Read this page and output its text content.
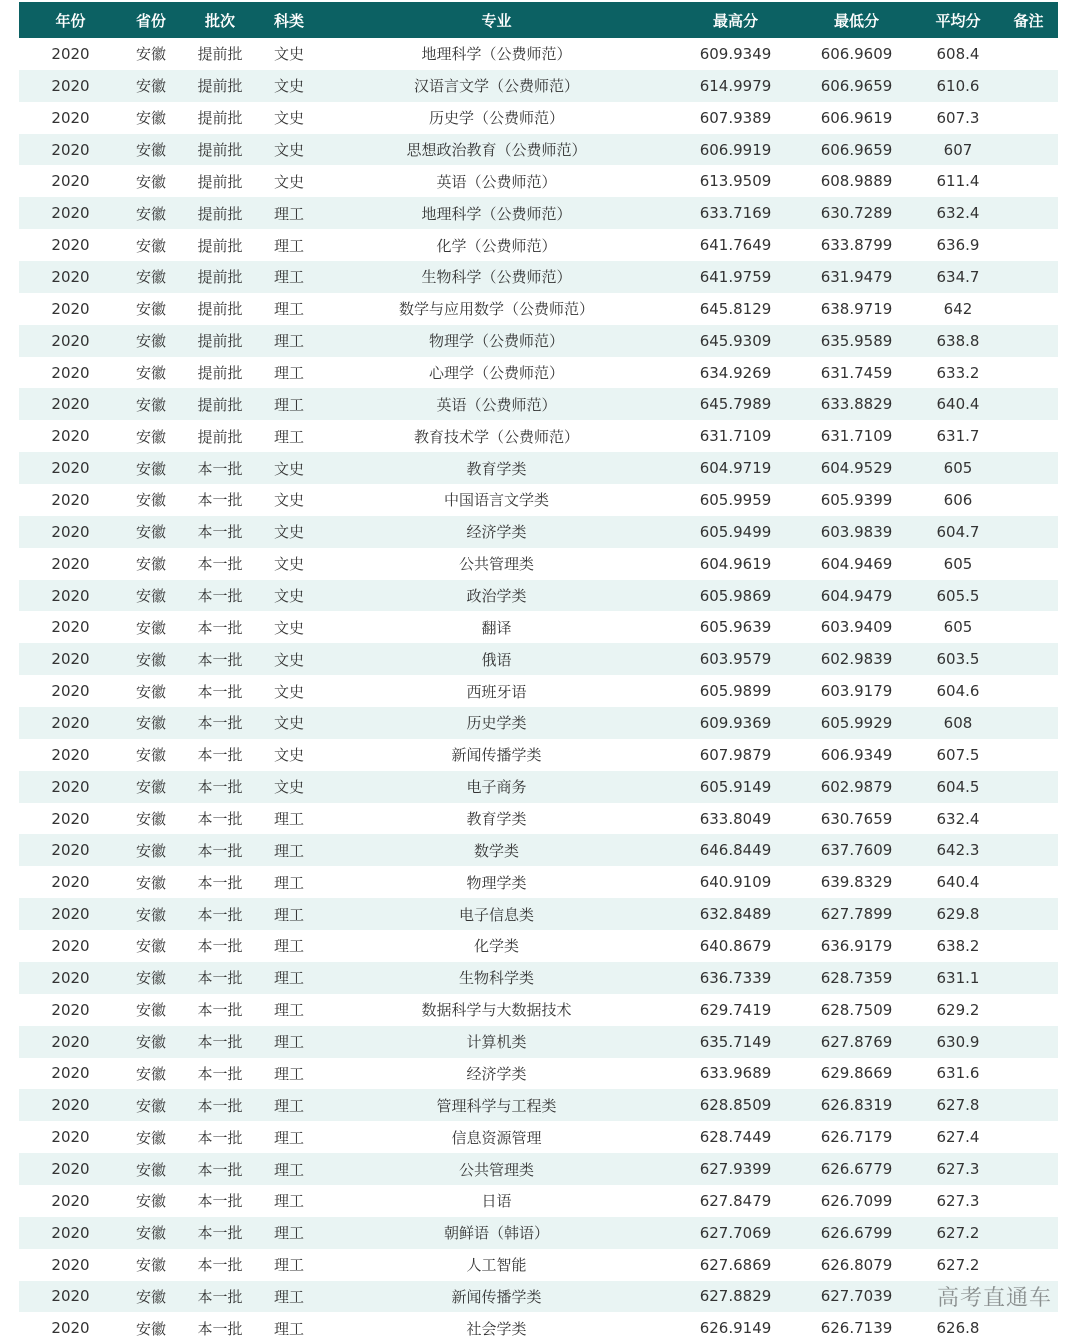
年份	省份	批次	科类	专业	最高分	最低分	平均分	备注
2020	安徽	提前批	文史	地理科学（公费师范）	609.9349	606.9609	608.4	
2020	安徽	提前批	文史	汉语言文学（公费师范）	614.9979	606.9659	610.6	
2020	安徽	提前批	文史	历史学（公费师范）	607.9389	606.9619	607.3	
2020	安徽	提前批	文史	思想政治教育（公费师范）	606.9919	606.9659	607	
2020	安徽	提前批	文史	英语（公费师范）	613.9509	608.9889	611.4	
2020	安徽	提前批	理工	地理科学（公费师范）	633.7169	630.7289	632.4	
2020	安徽	提前批	理工	化学（公费师范）	641.7649	633.8799	636.9	
2020	安徽	提前批	理工	生物科学（公费师范）	641.9759	631.9479	634.7	
2020	安徽	提前批	理工	数学与应用数学（公费师范）	645.8129	638.9719	642	
2020	安徽	提前批	理工	物理学（公费师范）	645.9309	635.9589	638.8	
2020	安徽	提前批	理工	心理学（公费师范）	634.9269	631.7459	633.2	
2020	安徽	提前批	理工	英语（公费师范）	645.7989	633.8829	640.4	
2020	安徽	提前批	理工	教育技术学（公费师范）	631.7109	631.7109	631.7	
2020	安徽	本一批	文史	教育学类	604.9719	604.9529	605	
2020	安徽	本一批	文史	中国语言文学类	605.9959	605.9399	606	
2020	安徽	本一批	文史	经济学类	605.9499	603.9839	604.7	
2020	安徽	本一批	文史	公共管理类	604.9619	604.9469	605	
2020	安徽	本一批	文史	政治学类	605.9869	604.9479	605.5	
2020	安徽	本一批	文史	翻译	605.9639	603.9409	605	
2020	安徽	本一批	文史	俄语	603.9579	602.9839	603.5	
2020	安徽	本一批	文史	西班牙语	605.9899	603.9179	604.6	
2020	安徽	本一批	文史	历史学类	609.9369	605.9929	608	
2020	安徽	本一批	文史	新闻传播学类	607.9879	606.9349	607.5	
2020	安徽	本一批	文史	电子商务	605.9149	602.9879	604.5	
2020	安徽	本一批	理工	教育学类	633.8049	630.7659	632.4	
2020	安徽	本一批	理工	数学类	646.8449	637.7609	642.3	
2020	安徽	本一批	理工	物理学类	640.9109	639.8329	640.4	
2020	安徽	本一批	理工	电子信息类	632.8489	627.7899	629.8	
2020	安徽	本一批	理工	化学类	640.8679	636.9179	638.2	
2020	安徽	本一批	理工	生物科学类	636.7339	628.7359	631.1	
2020	安徽	本一批	理工	数据科学与大数据技术	629.7419	628.7509	629.2	
2020	安徽	本一批	理工	计算机类	635.7149	627.8769	630.9	
2020	安徽	本一批	理工	经济学类	633.9689	629.8669	631.6	
2020	安徽	本一批	理工	管理科学与工程类	628.8509	626.8319	627.8	
2020	安徽	本一批	理工	信息资源管理	628.7449	626.7179	627.4	
2020	安徽	本一批	理工	公共管理类	627.9399	626.6779	627.3	
2020	安徽	本一批	理工	日语	627.8479	626.7099	627.3	
2020	安徽	本一批	理工	朝鲜语（韩语）	627.7069	626.6799	627.2	
2020	安徽	本一批	理工	人工智能	627.6869	626.8079	627.2	
2020	安徽	本一批	理工	新闻传播学类	627.8829	627.7039		
2020	安徽	本一批	理工	社会学类	626.9149	626.7139	626.8	
高考直通车
